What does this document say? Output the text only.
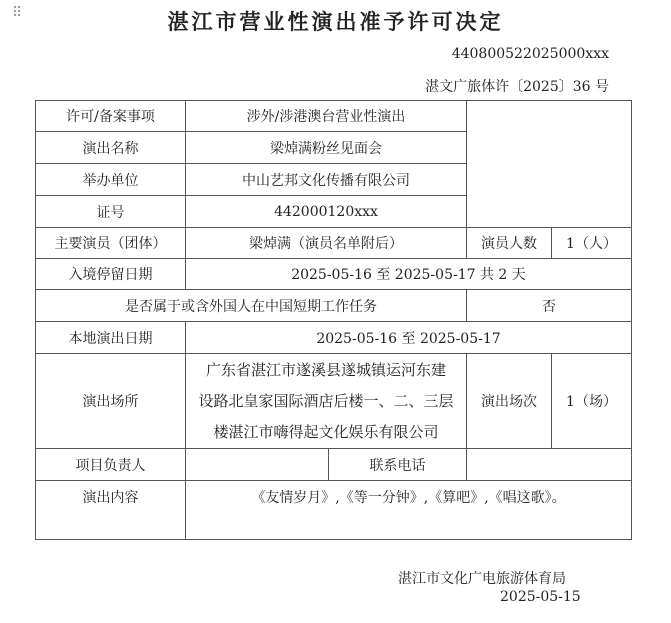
⠿	湛江市营业性演出准予许可决定
440800522025000xxx
湛文广旅体许〔2025〕36 号
许可/备案事项	涉外/涉港澳台营业性演出			
演出名称	梁焯满粉丝见面会			
举办单位	中山艺邦文化传播有限公司			
证号	442000120xxx			
主要演员（团体）	梁焯满（演员名单附后）		演员人数	1（人）
入境停留日期	2025-05-16 至 2025-05-17 共 2 天			
是否属于或含外国人在中国短期工作任务			否	
本地演出日期	2025-05-16 至 2025-05-17			
演出场所	广东省湛江市遂溪县遂城镇运河东建
设路北皇家国际酒店后楼一、二、三层
楼湛江市嗨得起文化娱乐有限公司		演出场次	1（场）
项目负责人		联系电话		
演出内容	《友情岁月》,《等一分钟》,《算吧》,《唱这歌》。			
湛江市文化广电旅游体育局
2025-05-15
